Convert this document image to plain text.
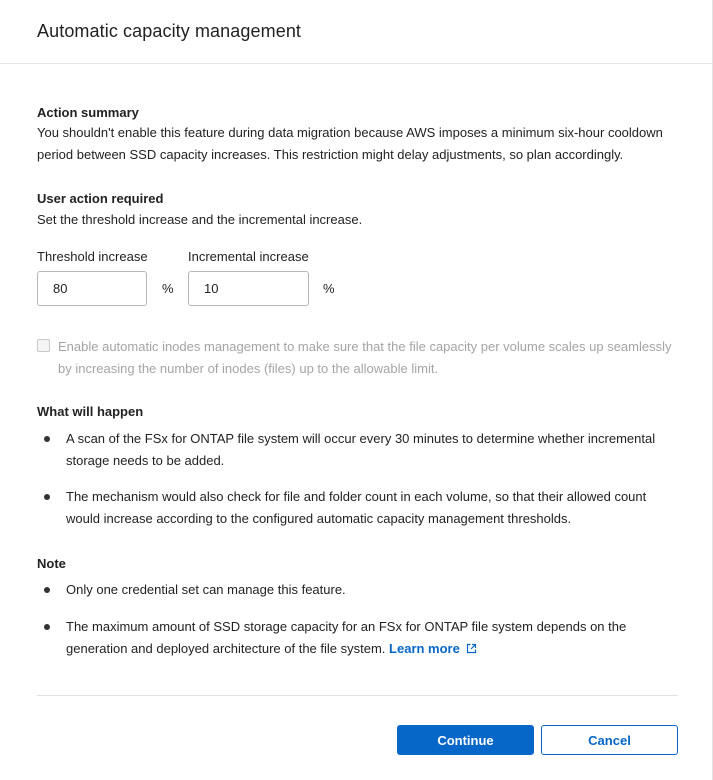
Automatic capacity management
Action summary
You shouldn't enable this feature during data migration because AWS imposes a minimum six-hour cooldown period between SSD capacity increases. This restriction might delay adjustments, so plan accordingly.
User action required
Set the threshold increase and the incremental increase.
Threshold increase
80
%
Incremental increase
10
%
Enable automatic inodes management to make sure that the file capacity per volume scales up seamlessly by increasing the number of inodes (files) up to the allowable limit.
What will happen
A scan of the FSx for ONTAP file system will occur every 30 minutes to determine whether incremental storage needs to be added.
The mechanism would also check for file and folder count in each volume, so that their allowed count would increase according to the configured automatic capacity management thresholds.
Note
Only one credential set can manage this feature.
The maximum amount of SSD storage capacity for an FSx for ONTAP file system depends on the generation and deployed architecture of the file system. Learn more
Continue	Cancel
